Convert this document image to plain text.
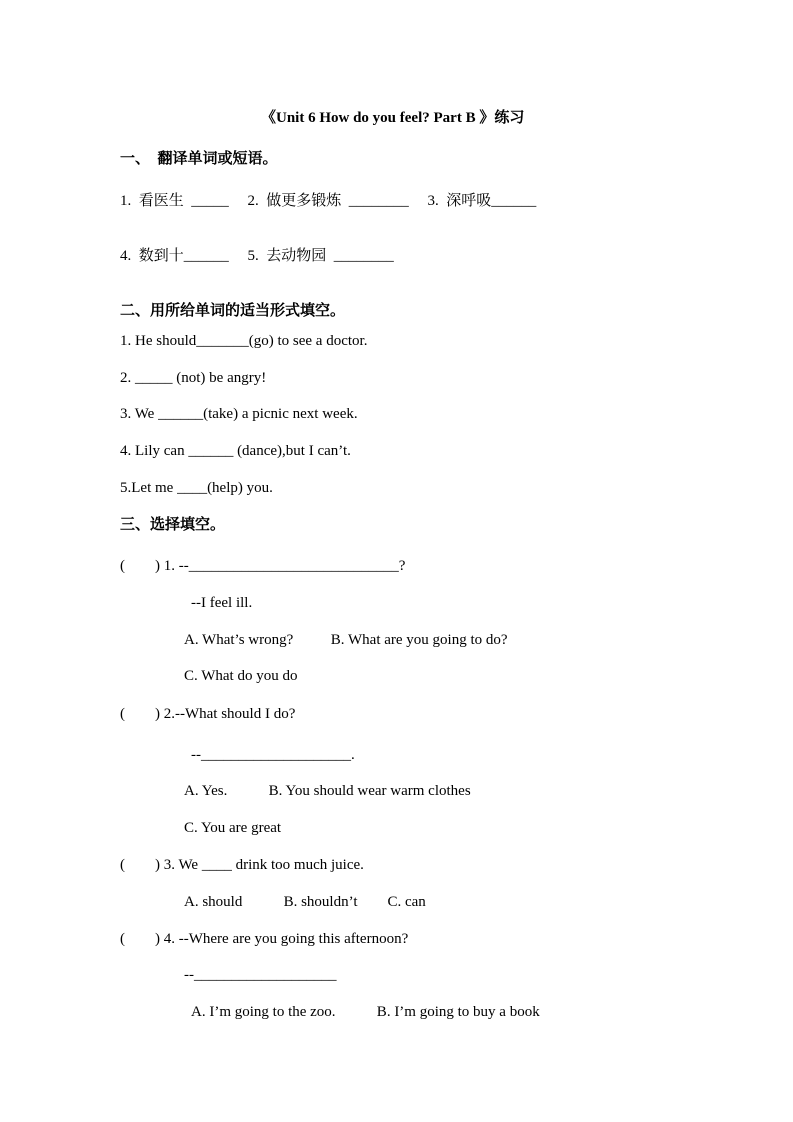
《Unit 6 How do you feel? Part B 》练习
一、  翻译单词或短语。
1.  看医生  _____     2.  做更多锻炼  ________     3.  深呼吸______
4.  数到十______     5.  去动物园  ________
二、用所给单词的适当形式填空。
1. He should_______(go) to see a doctor.
2. _____ (not) be angry!
3. We ______(take) a picnic next week.
4. Lily can ______ (dance),but I can’t.
5.Let me ____(help) you.
三、选择填空。
(        ) 1. --____________________________?
--I feel ill.
A. What’s wrong?          B. What are you going to do?
C. What do you do
(        ) 2.--What should I do?
--____________________.
A. Yes.           B. You should wear warm clothes
C. You are great
(        ) 3. We ____ drink too much juice.
A. should           B. shouldn’t        C. can
(        ) 4. --Where are you going this afternoon?
--___________________
A. I’m going to the zoo.           B. I’m going to buy a book
